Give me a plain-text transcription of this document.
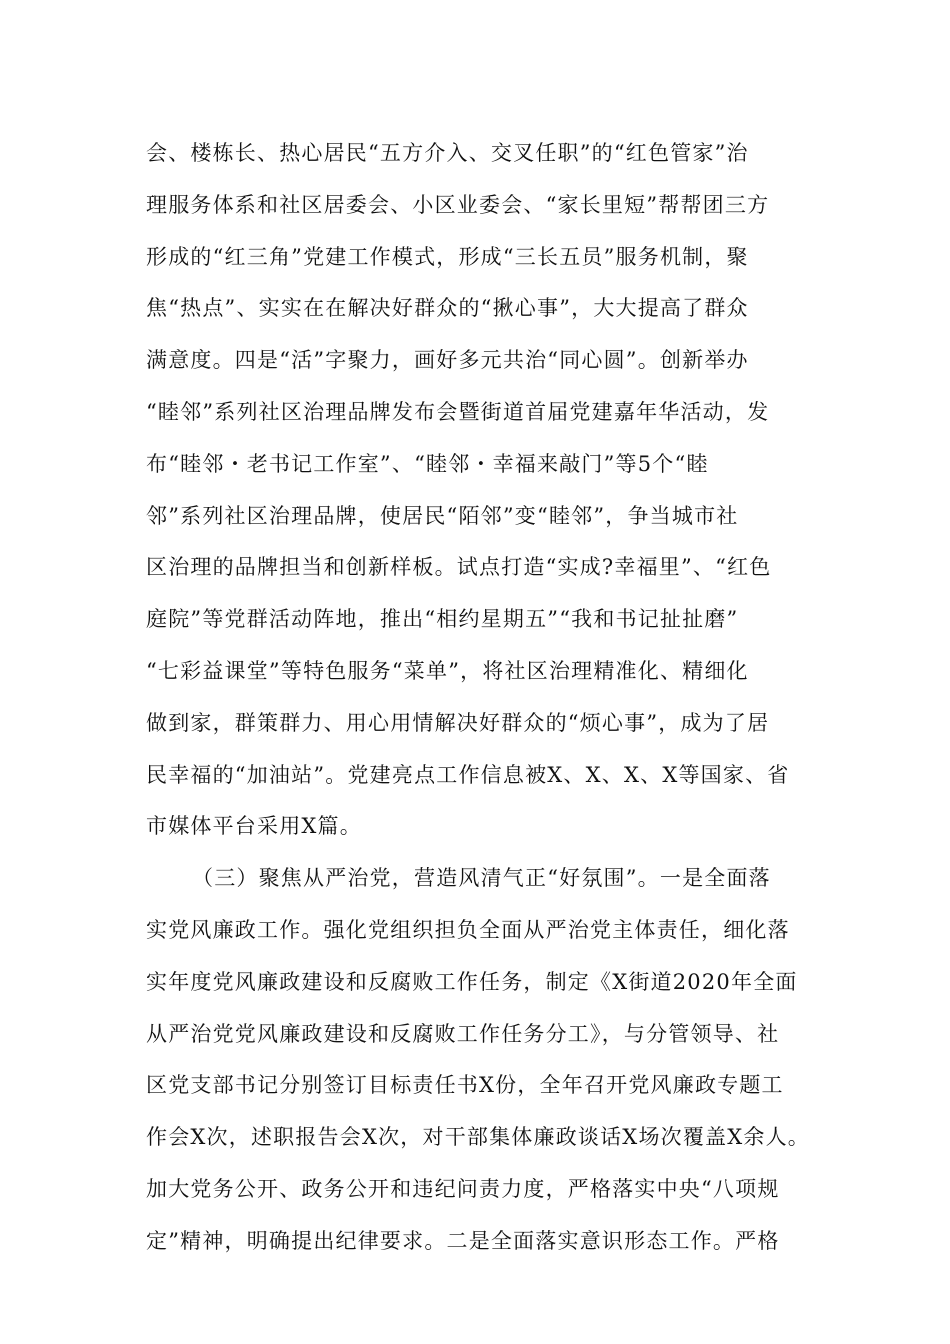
会、楼栋长、热心居民“五方介入、交叉任职”的“红色管家”治
理服务体系和社区居委会、小区业委会、“家长里短”帮帮团三方
形成的“红三角”党建工作模式，形成“三长五员”服务机制，聚
焦“热点”、实实在在解决好群众的“揪心事”，大大提高了群众
满意度。四是“活”字聚力，画好多元共治“同心圆”。创新举办
“睦邻”系列社区治理品牌发布会暨街道首届党建嘉年华活动，发
布“睦邻・老书记工作室”、“睦邻・幸福来敲门”等5个“睦
邻”系列社区治理品牌，使居民“陌邻”变“睦邻”，争当城市社
区治理的品牌担当和创新样板。试点打造“实成?幸福里”、“红色
庭院”等党群活动阵地，推出“相约星期五”“我和书记扯扯磨”
“七彩益课堂”等特色服务“菜单”，将社区治理精准化、精细化
做到家，群策群力、用心用情解决好群众的“烦心事”，成为了居
民幸福的“加油站”。党建亮点工作信息被X、X、X、X等国家、省
市媒体平台采用X篇。
（三）聚焦从严治党，营造风清气正“好氛围”。一是全面落
实党风廉政工作。强化党组织担负全面从严治党主体责任，细化落
实年度党风廉政建设和反腐败工作任务，制定《X街道2020年全面
从严治党党风廉政建设和反腐败工作任务分工》，与分管领导、社
区党支部书记分别签订目标责任书X份，全年召开党风廉政专题工
作会X次，述职报告会X次，对干部集体廉政谈话X场次覆盖X余人。
加大党务公开、政务公开和违纪问责力度，严格落实中央“八项规
定”精神，明确提出纪律要求。二是全面落实意识形态工作。严格
